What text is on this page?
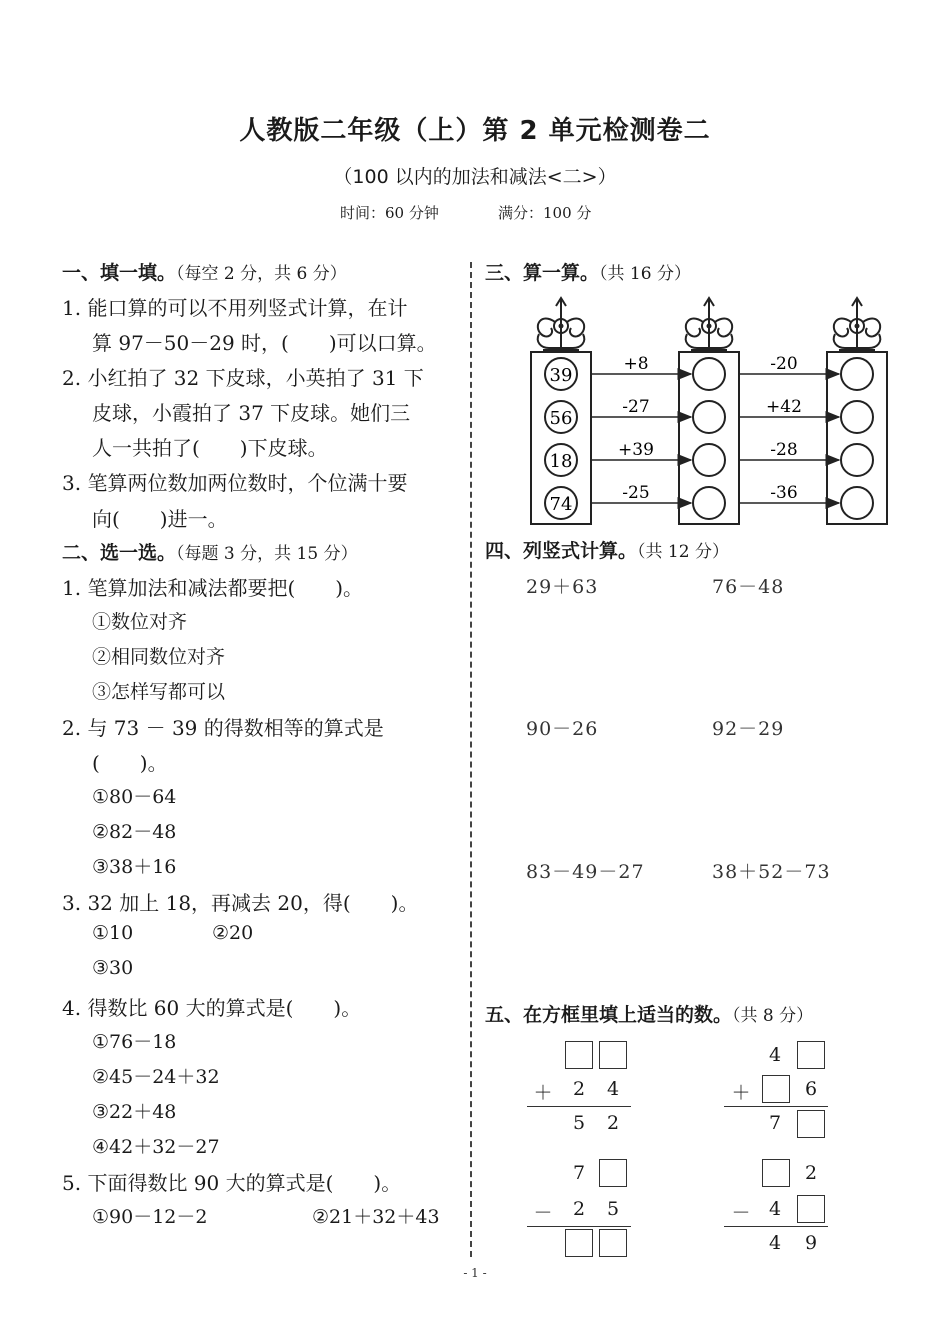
人教版二年级（上）第 2 单元检测卷二
（100 以内的加法和减法<二>）
时间：60 分钟	满分：100 分
一、填一填。（每空 2 分，共 6 分）
1. 能口算的可以不用列竖式计算，在计
算 97－50－29 时，(　　)可以口算。
2. 小红拍了 32 下皮球，小英拍了 31 下
皮球，小霞拍了 37 下皮球。她们三
人一共拍了(　　)下皮球。
3. 笔算两位数加两位数时，个位满十要
向(　　)进一。
二、选一选。（每题 3 分，共 15 分）
1. 笔算加法和减法都要把(　　)。
①数位对齐
②相同数位对齐
③怎样写都可以
2. 与 73 － 39 的得数相等的算式是
(　　)。
①80－64
②82－48
③38＋16
3. 32 加上 18，再减去 20，得(　　)。
①10	②20
③30
4. 得数比 60 大的算式是(　　)。
①76－18
②45－24＋32
③22＋48
④42＋32－27
5. 下面得数比 90 大的算式是(　　)。
①90－12－2	②21＋32＋43
三、算一算。（共 16 分）
39
56
18
74
+8
-27
+39
-25
-20
+42
-28
-36
四、列竖式计算。（共 12 分）
29＋63	76－48
90－26	92－29
83－49－27	38＋52－73
五、在方框里填上适当的数。（共 8 分）
＋ 2 4
5 2
4
＋	6
7
7
－ 2 5
2
－ 4
4 9
- 1 -
